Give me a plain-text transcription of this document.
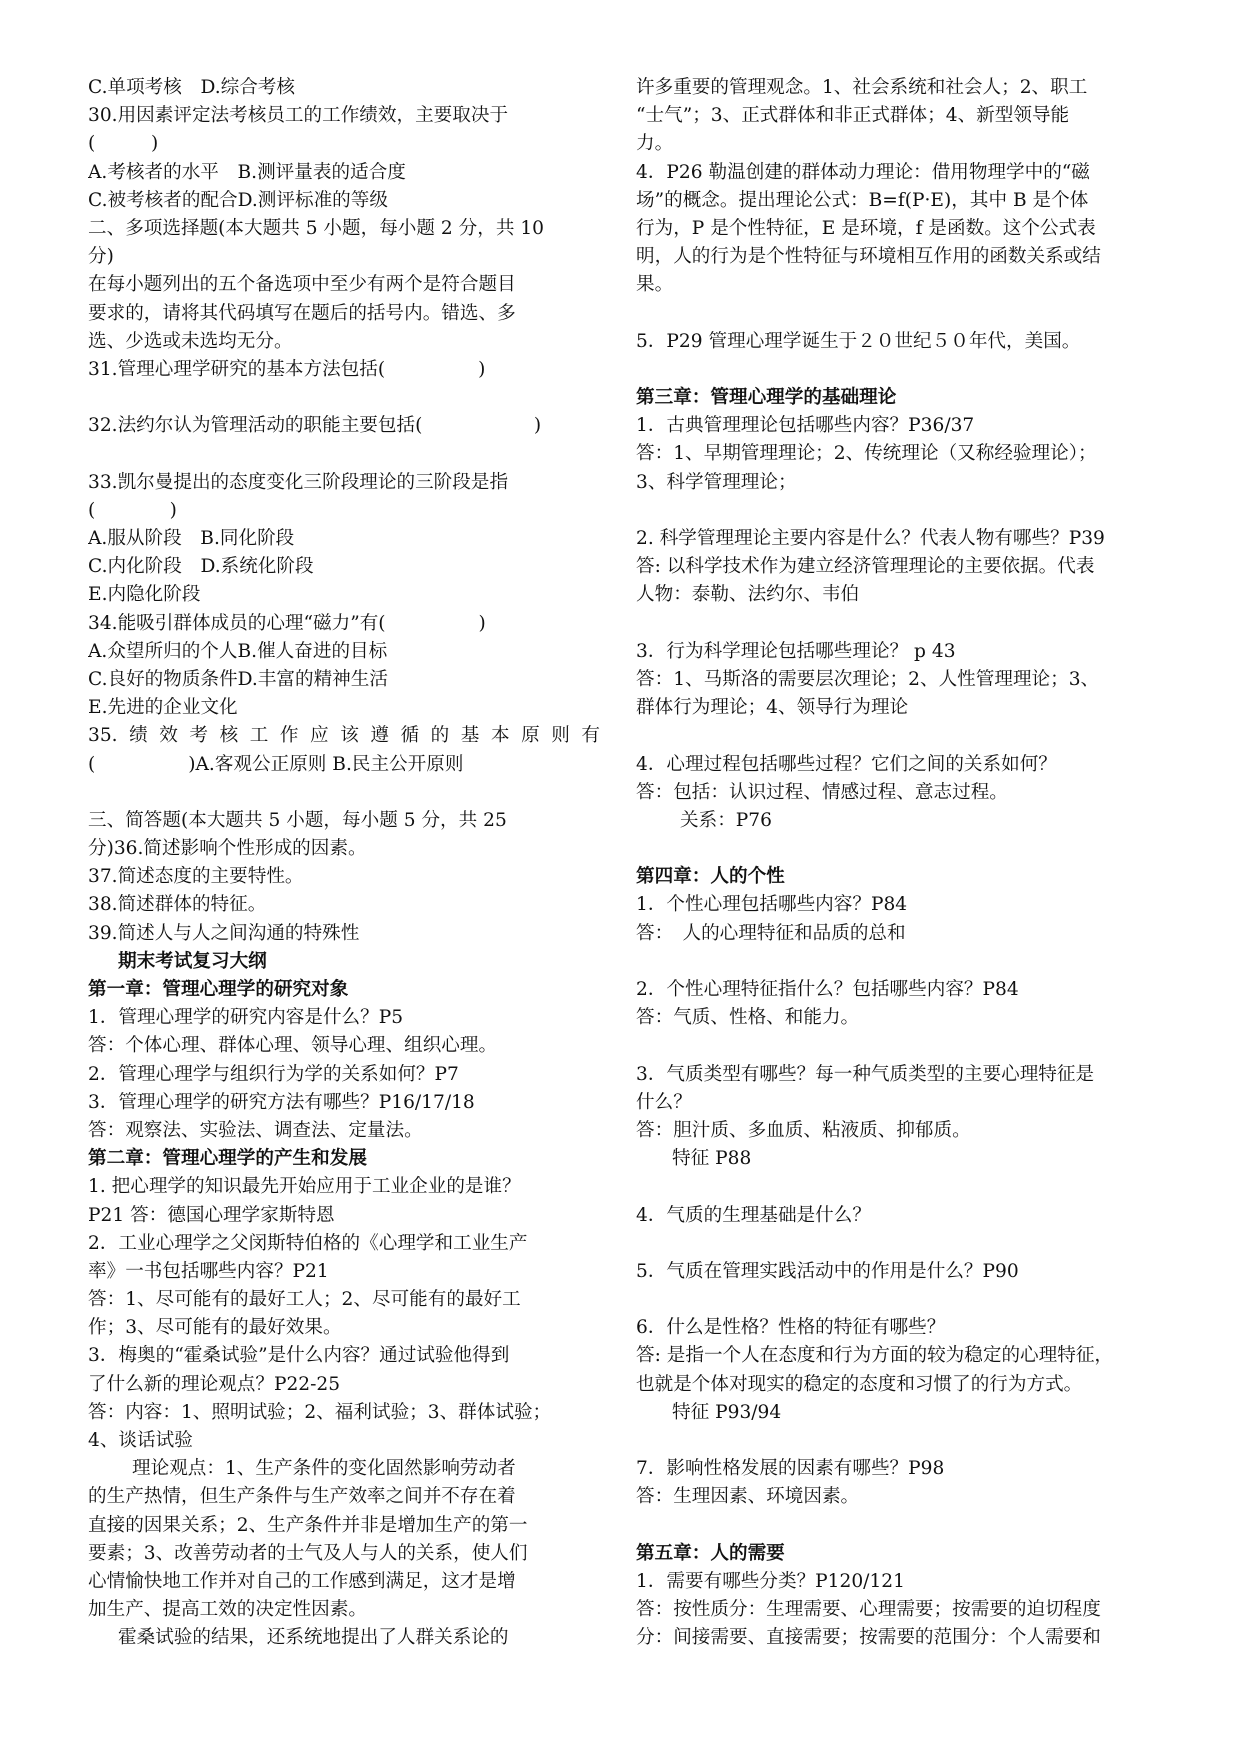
C.单项考核　D.综合考核
30.用因素评定法考核员工的工作绩效，主要取决于
(　　　)
A.考核者的水平　B.测评量表的适合度
C.被考核者的配合D.测评标准的等级
二、多项选择题(本大题共 5 小题，每小题 2 分，共 10
分)
在每小题列出的五个备选项中至少有两个是符合题目
要求的，请将其代码填写在题后的括号内。错选、多
选、少选或未选均无分。
31.管理心理学研究的基本方法包括(　　　　　)
32.法约尔认为管理活动的职能主要包括(　　　　　　)
33.凯尔曼提出的态度变化三阶段理论的三阶段是指
(　　　　)
A.服从阶段　B.同化阶段
C.内化阶段　D.系统化阶段
E.内隐化阶段
34.能吸引群体成员的心理“磁力”有(　　　　　)
A.众望所归的个人B.催人奋进的目标
C.良好的物质条件D.丰富的精神生活
E.先进的企业文化
35.绩效考核工作应该遵循的基本原则有
(　　　　　)A.客观公正原则 B.民主公开原则
三、简答题(本大题共 5 小题，每小题 5 分，共 25
分)36.简述影响个性形成的因素。
37.简述态度的主要特性。
38.简述群体的特征。
39.简述人与人之间沟通的特殊性
期末考试复习大纲
第一章：管理心理学的研究对象
1．管理心理学的研究内容是什么？P5
答：个体心理、群体心理、领导心理、组织心理。
2．管理心理学与组织行为学的关系如何？P7
3．管理心理学的研究方法有哪些？P16/17/18
答：观察法、实验法、调查法、定量法。
第二章：管理心理学的产生和发展
1. 把心理学的知识最先开始应用于工业企业的是谁？
P21 答：德国心理学家斯特恩
2．工业心理学之父闵斯特伯格的《心理学和工业生产
率》一书包括哪些内容？P21
答：1、尽可能有的最好工人；2、尽可能有的最好工
作；3、尽可能有的最好效果。
3．梅奥的“霍桑试验”是什么内容？通过试验他得到
了什么新的理论观点？P22-25
答：内容：1、照明试验；2、福利试验；3、群体试验；
4、谈话试验
理论观点：1、生产条件的变化固然影响劳动者
的生产热情，但生产条件与生产效率之间并不存在着
直接的因果关系；2、生产条件并非是增加生产的第一
要素；3、改善劳动者的士气及人与人的关系，使人们
心情愉快地工作并对自己的工作感到满足，这才是增
加生产、提高工效的决定性因素。
霍桑试验的结果，还系统地提出了人群关系论的
许多重要的管理观念。1、社会系统和社会人；2、职工
“士气”；3、正式群体和非正式群体；4、新型领导能
力。
4．P26 勒温创建的群体动力理论：借用物理学中的“磁
场”的概念。提出理论公式：B=f(P·E)，其中 B 是个体
行为，P 是个性特征，E 是环境，f 是函数。这个公式表
明，人的行为是个性特征与环境相互作用的函数关系或结
果。
5．P29 管理心理学诞生于２０世纪５０年代，美国。
第三章：管理心理学的基础理论
1．古典管理理论包括哪些内容？P36/37
答：1、早期管理理论；2、传统理论（又称经验理论）；
3、科学管理理论；
2. 科学管理理论主要内容是什么？代表人物有哪些？P39
答: 以科学技术作为建立经济管理理论的主要依据。代表
人物：泰勒、法约尔、韦伯
3．行为科学理论包括哪些理论？ p 43
答：1、马斯洛的需要层次理论；2、人性管理理论；3、
群体行为理论；4、领导行为理论
4．心理过程包括哪些过程？它们之间的关系如何？
答：包括：认识过程、情感过程、意志过程。
关系：P76
第四章：人的个性
1．个性心理包括哪些内容？P84
答：　人的心理特征和品质的总和
2．个性心理特征指什么？包括哪些内容？P84
答：气质、性格、和能力。
3．气质类型有哪些？每一种气质类型的主要心理特征是
什么？
答：胆汁质、多血质、粘液质、抑郁质。
特征 P88
4．气质的生理基础是什么？
5．气质在管理实践活动中的作用是什么？P90
6．什么是性格？性格的特征有哪些？
答: 是指一个人在态度和行为方面的较为稳定的心理特征，
也就是个体对现实的稳定的态度和习惯了的行为方式。
特征 P93/94
7．影响性格发展的因素有哪些？P98
答：生理因素、环境因素。
第五章：人的需要
1．需要有哪些分类？P120/121
答：按性质分：生理需要、心理需要；按需要的迫切程度
分：间接需要、直接需要；按需要的范围分：个人需要和
